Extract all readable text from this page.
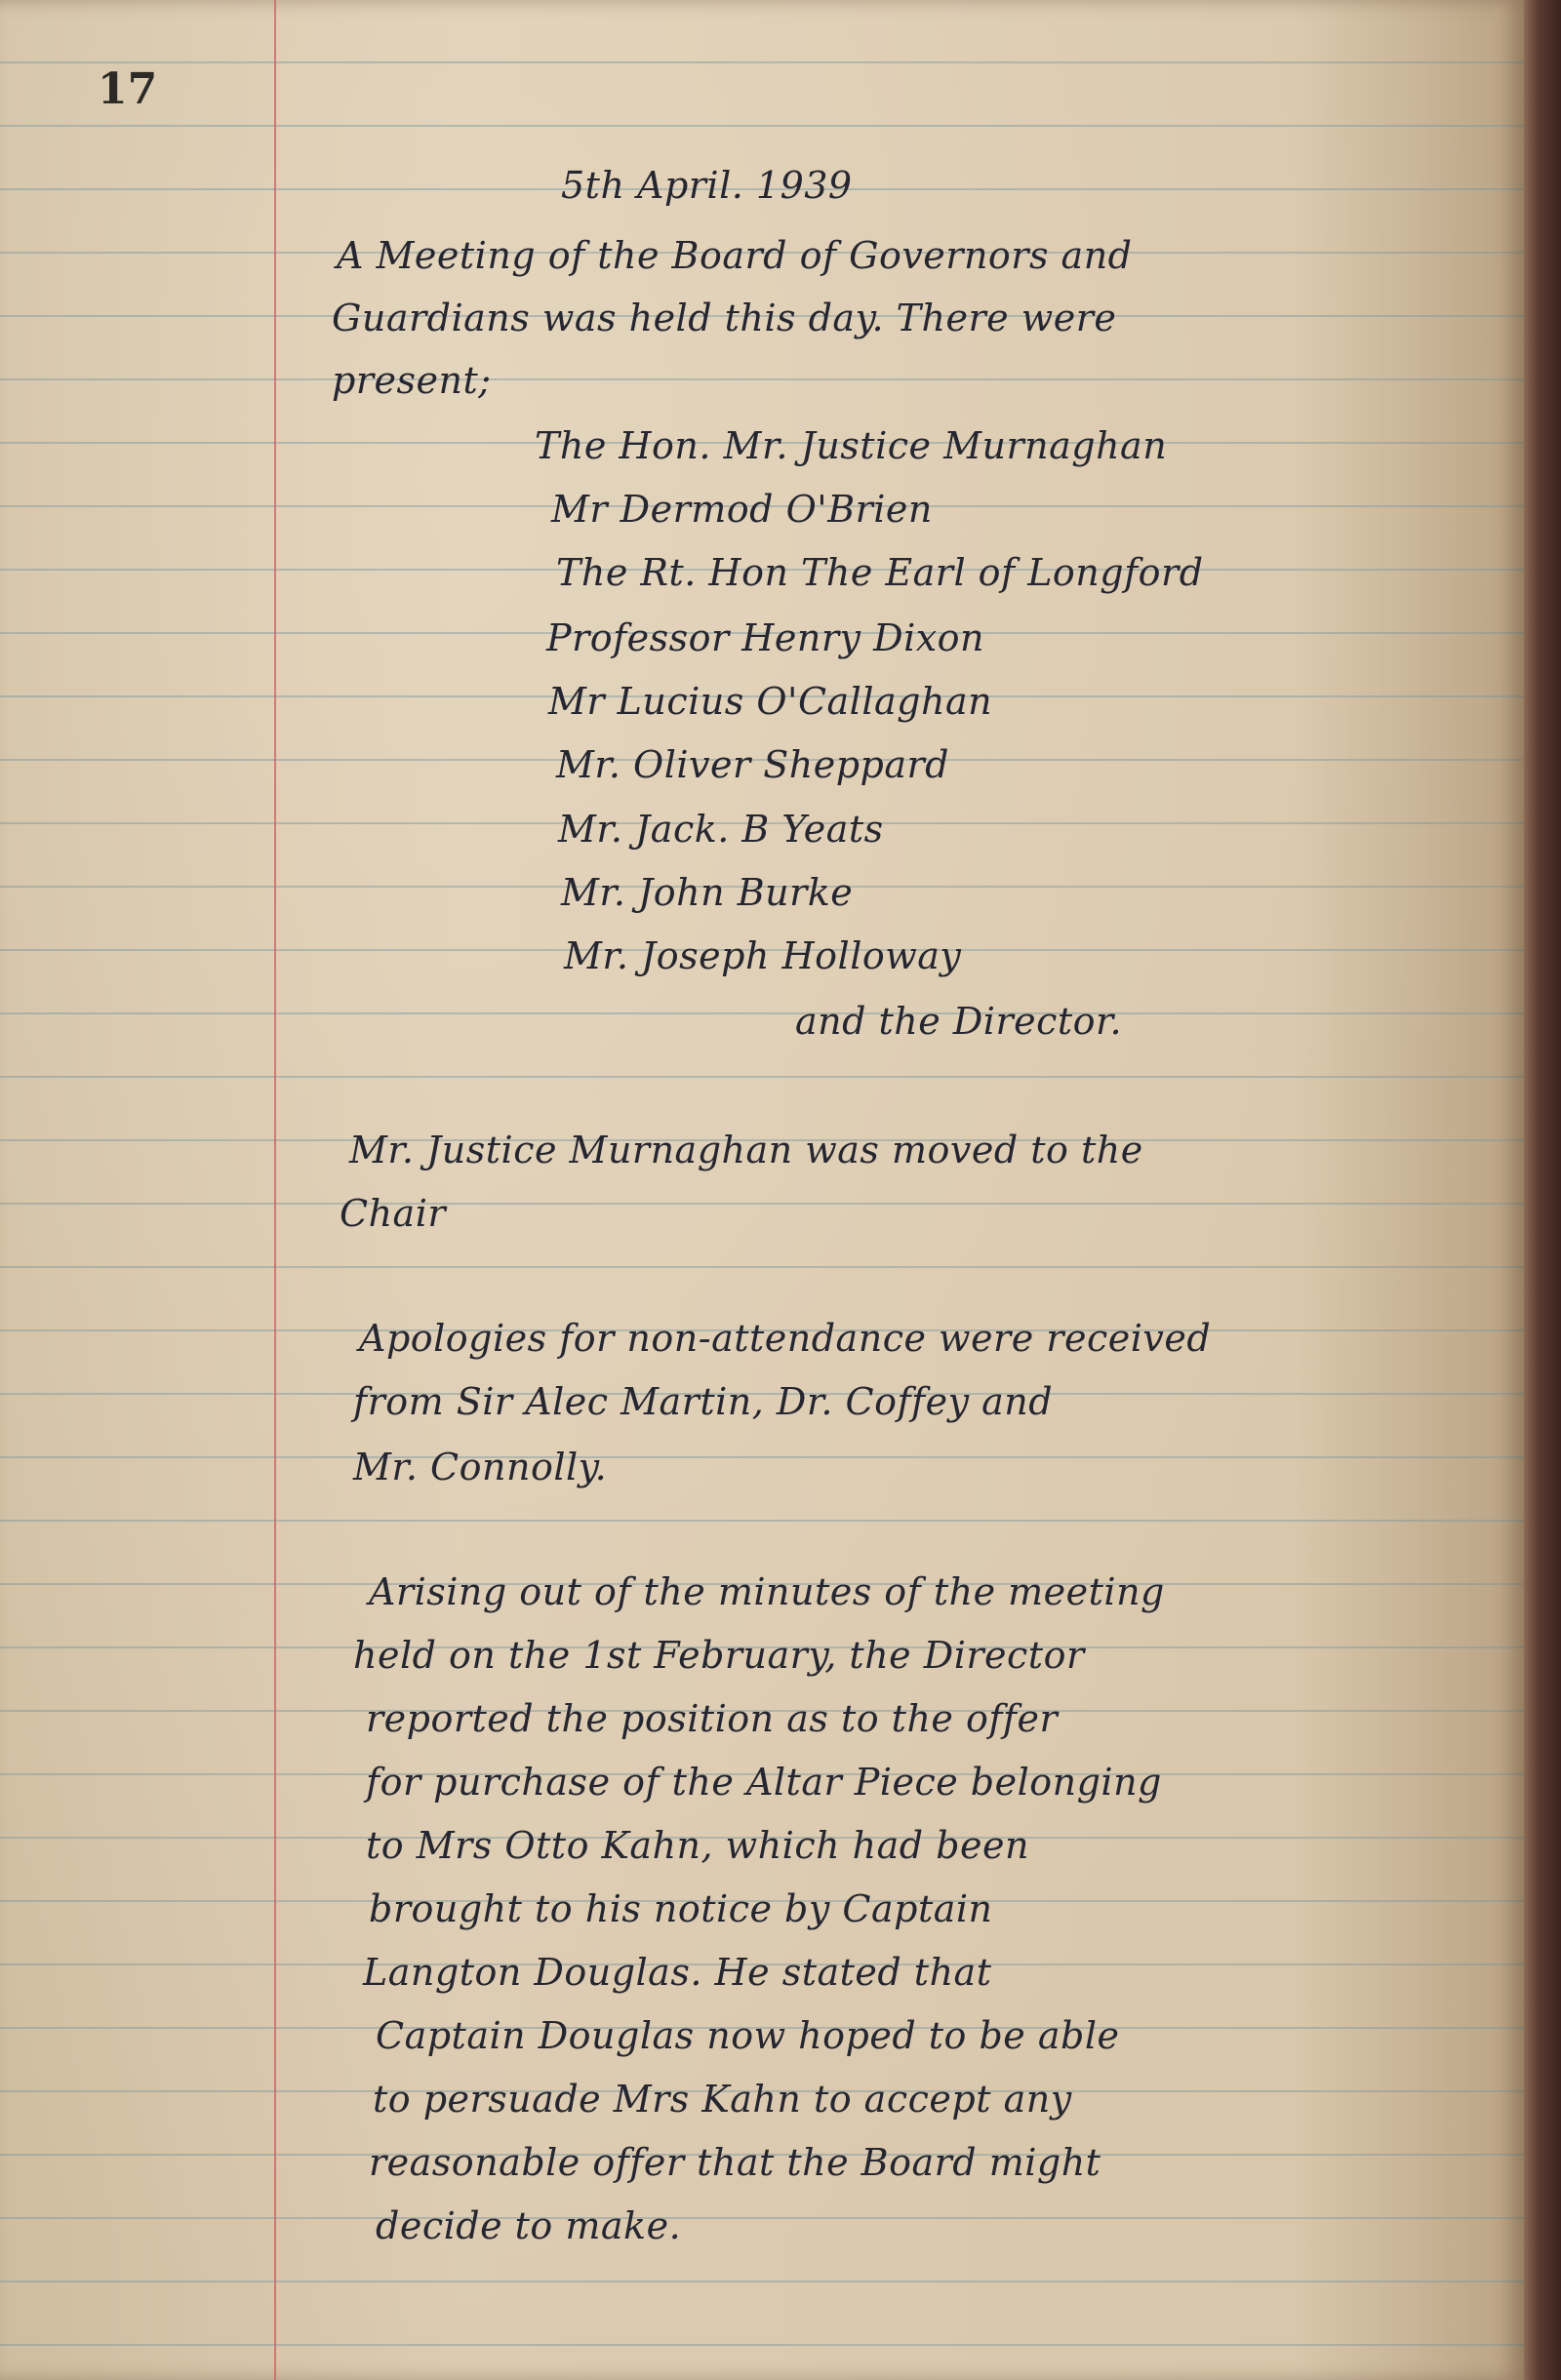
17

5th April. 1939

A Meeting of the Board of Governors and

Guardians was held this day. There were

present;

The Hon. Mr. Justice Murnaghan

Mr Dermod O'Brien

The Rt. Hon The Earl of Longford

Professor Henry Dixon

Mr Lucius O'Callaghan

Mr. Oliver Sheppard

Mr. Jack. B Yeats

Mr. John Burke

Mr. Joseph Holloway

and the Director.

Mr. Justice Murnaghan was moved to the

Chair

Apologies for non-attendance were received

from Sir Alec Martin, Dr. Coffey and

Mr. Connolly.

Arising out of the minutes of the meeting

held on the 1st February, the Director

reported the position as to the offer

for purchase of the Altar Piece belonging

to Mrs Otto Kahn, which had been

brought to his notice by Captain

Langton Douglas. He stated that

Captain Douglas now hoped to be able

to persuade Mrs Kahn to accept any

reasonable offer that the Board might

decide to make.
